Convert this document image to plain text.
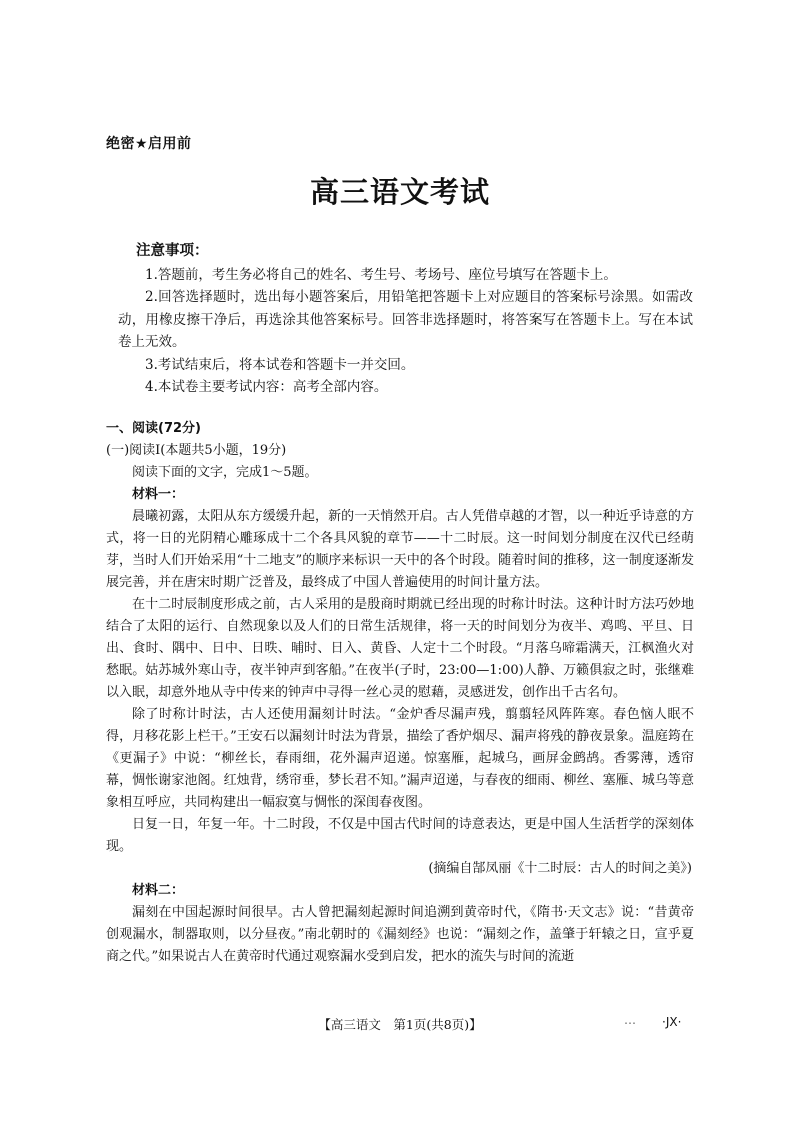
绝密★启用前
高三语文考试
注意事项：
1.答题前，考生务必将自己的姓名、考生号、考场号、座位号填写在答题卡上。
2.回答选择题时，选出每小题答案后，用铅笔把答题卡上对应题目的答案标号涂黑。如需改动，用橡皮擦干净后，再选涂其他答案标号。回答非选择题时，将答案写在答题卡上。写在本试卷上无效。
3.考试结束后，将本试卷和答题卡一并交回。
4.本试卷主要考试内容：高考全部内容。
一、阅读(72分)
(一)阅读Ⅰ(本题共5小题，19分)
阅读下面的文字，完成1～5题。
材料一：
晨曦初露，太阳从东方缓缓升起，新的一天悄然开启。古人凭借卓越的才智，以一种近乎诗意的方式，将一日的光阴精心雕琢成十二个各具风貌的章节——十二时辰。这一时间划分制度在汉代已经萌芽，当时人们开始采用“十二地支”的顺序来标识一天中的各个时段。随着时间的推移，这一制度逐渐发展完善，并在唐宋时期广泛普及，最终成了中国人普遍使用的时间计量方法。
在十二时辰制度形成之前，古人采用的是殷商时期就已经出现的时称计时法。这种计时方法巧妙地结合了太阳的运行、自然现象以及人们的日常生活规律，将一天的时间划分为夜半、鸡鸣、平旦、日出、食时、隅中、日中、日昳、晡时、日入、黄昏、人定十二个时段。“月落乌啼霜满天，江枫渔火对愁眠。姑苏城外寒山寺，夜半钟声到客船。”在夜半(子时，23:00—1:00)人静、万籁俱寂之时，张继难以入眠，却意外地从寺中传来的钟声中寻得一丝心灵的慰藉，灵感迸发，创作出千古名句。
除了时称计时法，古人还使用漏刻计时法。“金炉香尽漏声残，翦翦轻风阵阵寒。春色恼人眠不得，月移花影上栏干。”王安石以漏刻计时法为背景，描绘了香炉烟尽、漏声将残的静夜景象。温庭筠在《更漏子》中说：“柳丝长，春雨细，花外漏声迢递。惊塞雁，起城乌，画屏金鹧鸪。香雾薄，透帘幕，惆怅谢家池阁。红烛背，绣帘垂，梦长君不知。”漏声迢递，与春夜的细雨、柳丝、塞雁、城乌等意象相互呼应，共同构建出一幅寂寞与惆怅的深闺春夜图。
日复一日，年复一年。十二时段，不仅是中国古代时间的诗意表达，更是中国人生活哲学的深刻体现。
(摘编自郜凤丽《十二时辰：古人的时间之美》)
材料二：
漏刻在中国起源时间很早。古人曾把漏刻起源时间追溯到黄帝时代，《隋书·天文志》说：“昔黄帝创观漏水，制器取则，以分昼夜。”南北朝时的《漏刻经》也说：“漏刻之作，盖肇于轩辕之日，宣乎夏商之代。”如果说古人在黄帝时代通过观察漏水受到启发，把水的流失与时间的流逝
【高三语文　第1页(共8页)】	… ·JX·
